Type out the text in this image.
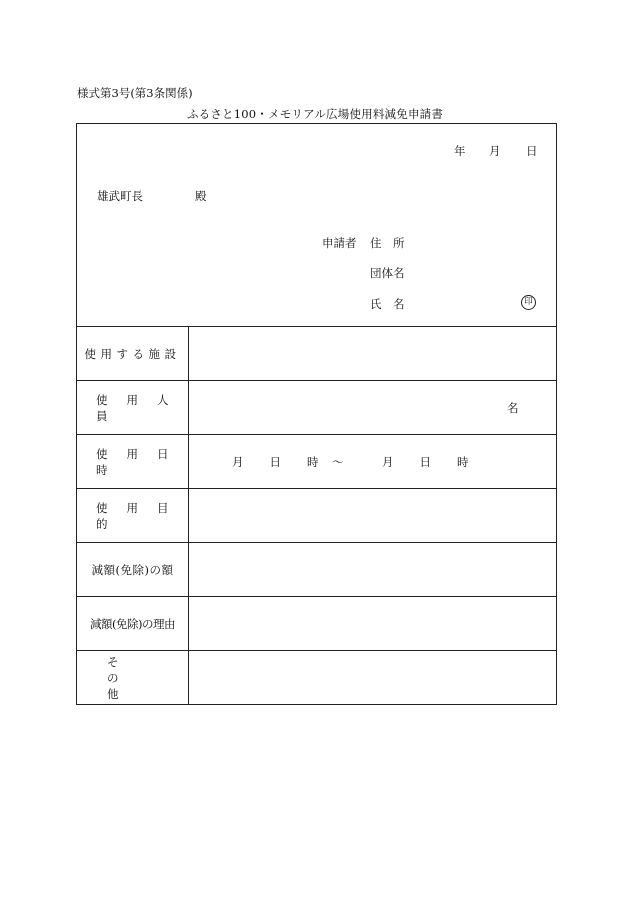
様式第3号(第3条関係)
ふるさと100・メモリアル広場使用料減免申請書
年 月 日
雄武町長	殿
申請者 住　所
団体名
氏　名	印
使用する施設
使用人員
名
使用日時
月　　日　　時　～　　　月　　日　　時
使用目的
減額(免除)の額
減額(免除)の理由
その他
